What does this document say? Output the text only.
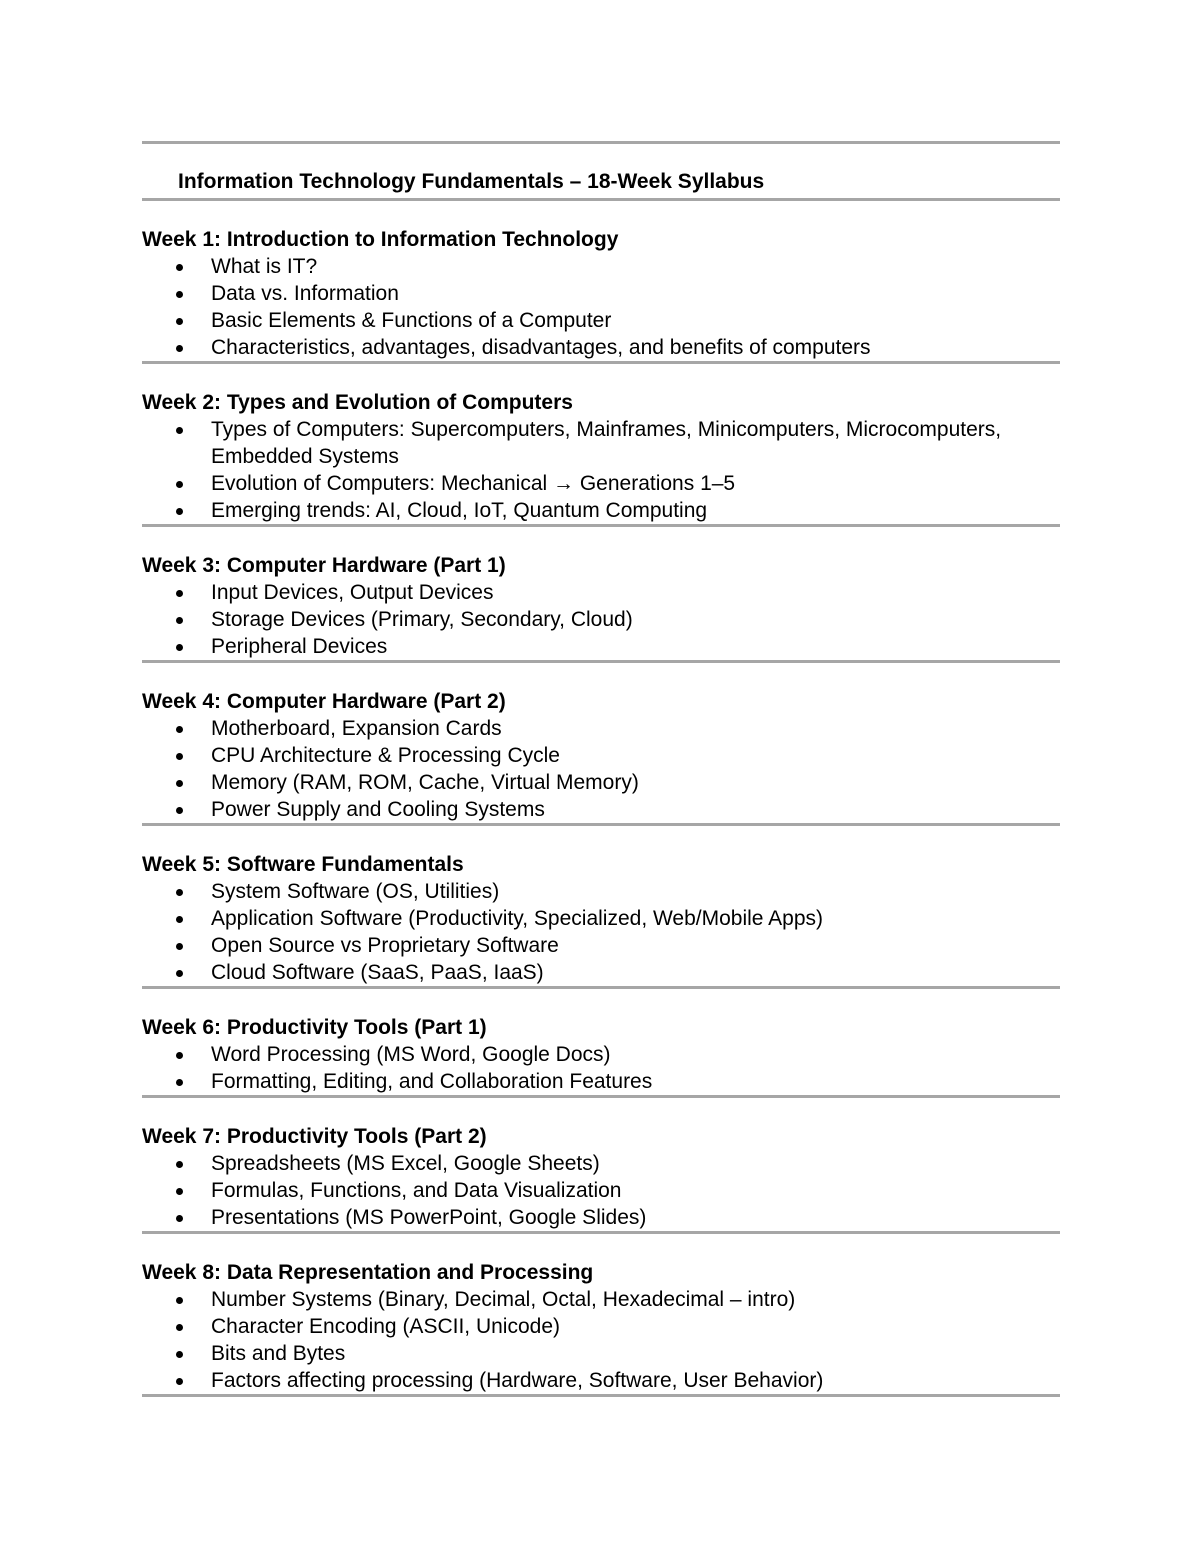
Information Technology Fundamentals – 18-Week Syllabus
Week 1: Introduction to Information Technology
What is IT?
Data vs. Information
Basic Elements & Functions of a Computer
Characteristics, advantages, disadvantages, and benefits of computers
Week 2: Types and Evolution of Computers
Types of Computers: Supercomputers, Mainframes, Minicomputers, Microcomputers, Embedded Systems
Evolution of Computers: Mechanical → Generations 1–5
Emerging trends: AI, Cloud, IoT, Quantum Computing
Week 3: Computer Hardware (Part 1)
Input Devices, Output Devices
Storage Devices (Primary, Secondary, Cloud)
Peripheral Devices
Week 4: Computer Hardware (Part 2)
Motherboard, Expansion Cards
CPU Architecture & Processing Cycle
Memory (RAM, ROM, Cache, Virtual Memory)
Power Supply and Cooling Systems
Week 5: Software Fundamentals
System Software (OS, Utilities)
Application Software (Productivity, Specialized, Web/Mobile Apps)
Open Source vs Proprietary Software
Cloud Software (SaaS, PaaS, IaaS)
Week 6: Productivity Tools (Part 1)
Word Processing (MS Word, Google Docs)
Formatting, Editing, and Collaboration Features
Week 7: Productivity Tools (Part 2)
Spreadsheets (MS Excel, Google Sheets)
Formulas, Functions, and Data Visualization
Presentations (MS PowerPoint, Google Slides)
Week 8: Data Representation and Processing
Number Systems (Binary, Decimal, Octal, Hexadecimal – intro)
Character Encoding (ASCII, Unicode)
Bits and Bytes
Factors affecting processing (Hardware, Software, User Behavior)
